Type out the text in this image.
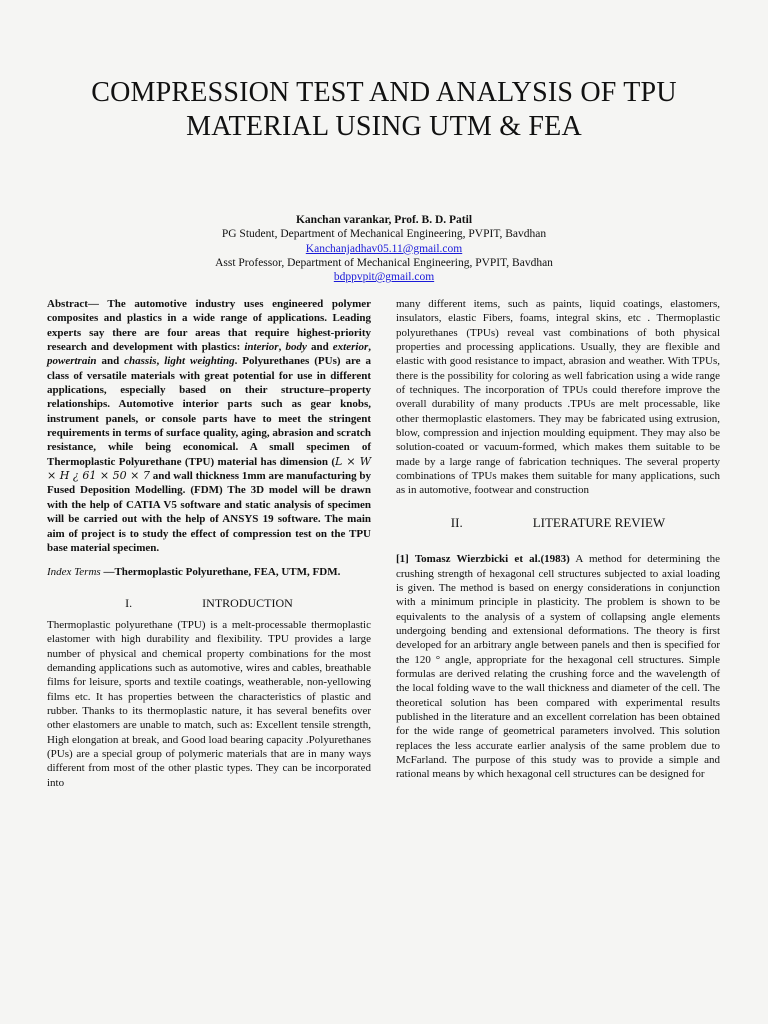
COMPRESSION TEST AND ANALYSIS OF TPU
MATERIAL USING UTM & FEA
Kanchan varankar, Prof. B. D. Patil
PG Student, Department of Mechanical Engineering, PVPIT, Bavdhan
Kanchanjadhav05.11@gmail.com
Asst Professor, Department of Mechanical Engineering, PVPIT, Bavdhan
bdppvpit@gmail.com

Abstract— The automotive industry uses engineered polymer composites and plastics in a wide range of applications. Leading experts say there are four areas that require highest-priority research and development with plastics: interior, body and exterior, powertrain and chassis, light weighting. Polyurethanes (PUs) are a class of versatile materials with great potential for use in different applications, especially based on their structure–property relationships. Automotive interior parts such as gear knobs, instrument panels, or console parts have to meet the stringent requirements in terms of surface quality, aging, abrasion and scratch resistance, while being economical. A small specimen of Thermoplastic Polyurethane (TPU) material has dimension (L × W × H ¿ 61 × 50 × 7 and wall thickness 1mm are manufacturing by Fused Deposition Modelling. (FDM) The 3D model will be drawn with the help of CATIA V5 software and static analysis of specimen will be carried out with the help of ANSYS 19 software. The main aim of project is to study the effect of compression test on the TPU base material specimen.

Index Terms —Thermoplastic Polyurethane, FEA, UTM, FDM.

I.	INTRODUCTION

Thermoplastic polyurethane (TPU) is a melt-processable thermoplastic elastomer with high durability and flexibility. TPU provides a large number of physical and chemical property combinations for the most demanding applications such as automotive, wires and cables, breathable films for leisure, sports and textile coatings, weatherable, non-yellowing films etc. It has properties between the characteristics of plastic and rubber. Thanks to its thermoplastic nature, it has several benefits over other elastomers are unable to match, such as: Excellent tensile strength, High elongation at break, and Good load bearing capacity .Polyurethanes (PUs) are a special group of polymeric materials that are in many ways different from most of the other plastic types. They can be incorporated into

many different items, such as paints, liquid coatings, elastomers, insulators, elastic Fibers, foams, integral skins, etc . Thermoplastic polyurethanes (TPUs) reveal vast combinations of both physical properties and processing applications. Usually, they are flexible and elastic with good resistance to impact, abrasion and weather. With TPUs, there is the possibility for coloring as well fabrication using a wide range of techniques. The incorporation of TPUs could therefore improve the overall durability of many products .TPUs are melt processable, like other thermoplastic elastomers. They may be fabricated using extrusion, blow, compression and injection moulding equipment. They may also be solution-coated or vacuum-formed, which makes them suitable to be made by a large range of fabrication techniques. The several property combinations of TPUs makes them suitable for many applications, such as in automotive, footwear and construction

II.	LITERATURE REVIEW

[1] Tomasz Wierzbicki et al.(1983) A method for determining the crushing strength of hexagonal cell structures subjected to axial loading is given. The method is based on energy considerations in conjunction with a minimum principle in plasticity. The problem is shown to be equivalents to the analysis of a system of collapsing angle elements undergoing bending and extensional deformations. The theory is first developed for an arbitrary angle between panels and then is specified for the 120 ° angle, appropriate for the hexagonal cell structures. Simple formulas are derived relating the crushing force and the wavelength of the local folding wave to the wall thickness and diameter of the cell. The theoretical solution has been compared with experimental results published in the literature and an excellent correlation has been obtained for the wide range of geometrical parameters involved. This solution replaces the less accurate earlier analysis of the same problem due to McFarland. The purpose of this study was to provide a simple and rational means by which hexagonal cell structures can be designed for
